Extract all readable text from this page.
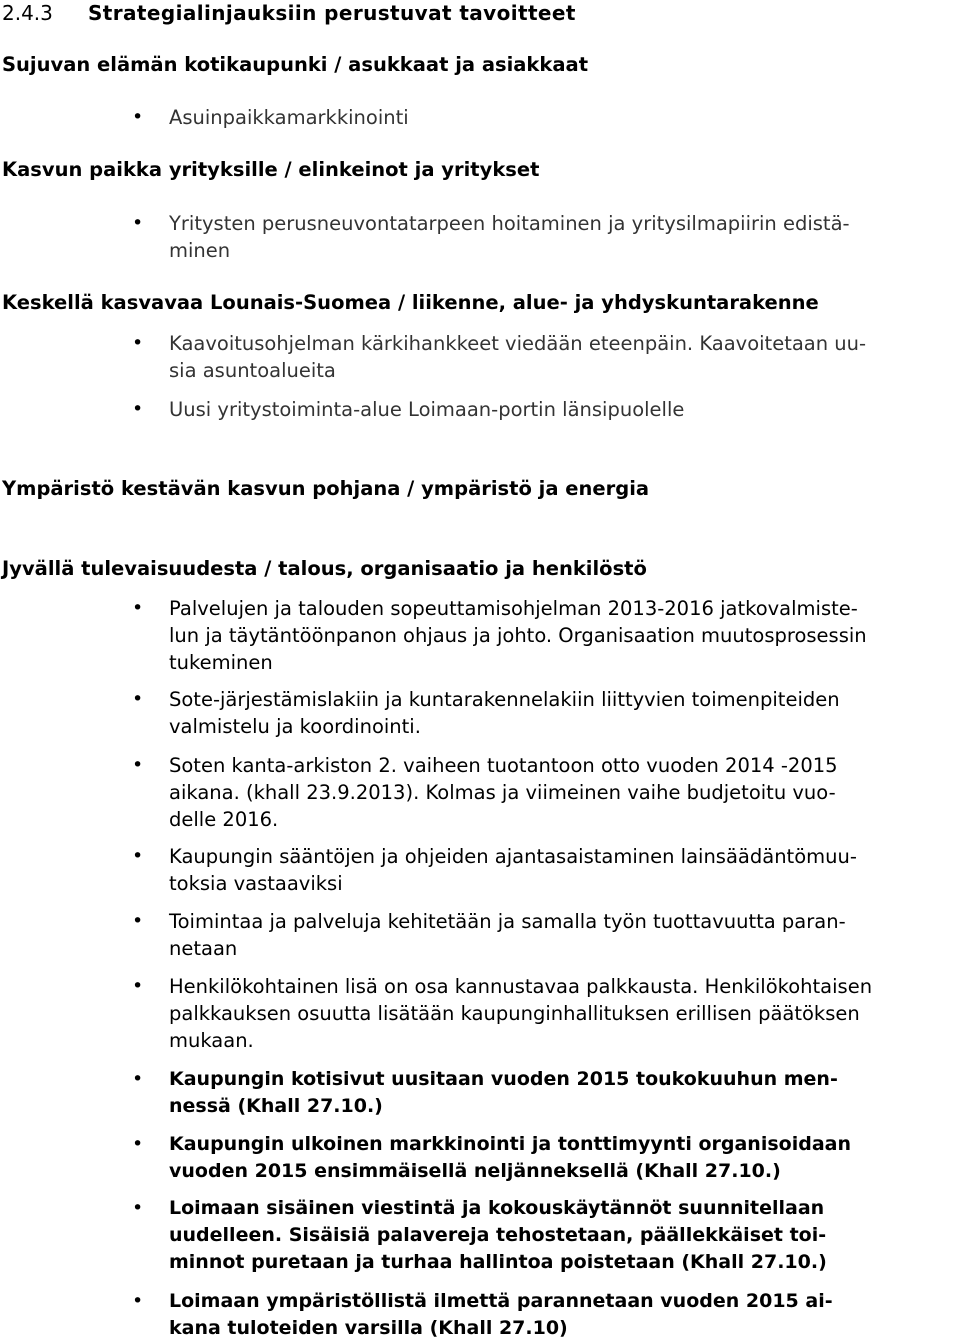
2.4.3 Strategialinjauksiin perustuvat tavoitteet
Sujuvan elämän kotikaupunki / asukkaat ja asiakkaat
• Asuinpaikkamarkkinointi
Kasvun paikka yrityksille / elinkeinot ja yritykset
• Yritysten perusneuvontatarpeen hoitaminen ja yritysilmapiirin edistä-
minen
Keskellä kasvavaa Lounais-Suomea / liikenne, alue- ja yhdyskuntarakenne
• Kaavoitusohjelman kärkihankkeet viedään eteenpäin. Kaavoitetaan uu-
sia asuntoalueita
• Uusi yritystoiminta-alue Loimaan-portin länsipuolelle
Ympäristö kestävän kasvun pohjana / ympäristö ja energia
Jyvällä tulevaisuudesta / talous, organisaatio ja henkilöstö
• Palvelujen ja talouden sopeuttamisohjelman 2013-2016 jatkovalmiste-
lun ja täytäntöönpanon ohjaus ja johto. Organisaation muutosprosessin
tukeminen
• Sote-järjestämislakiin ja kuntarakennelakiin liittyvien toimenpiteiden
valmistelu ja koordinointi.
• Soten kanta-arkiston 2. vaiheen tuotantoon otto vuoden 2014 -2015
aikana. (khall 23.9.2013). Kolmas ja viimeinen vaihe budjetoitu vuo-
delle 2016.
• Kaupungin sääntöjen ja ohjeiden ajantasaistaminen lainsäädäntömuu-
toksia vastaaviksi
• Toimintaa ja palveluja kehitetään ja samalla työn tuottavuutta paran-
netaan
• Henkilökohtainen lisä on osa kannustavaa palkkausta. Henkilökohtaisen
palkkauksen osuutta lisätään kaupunginhallituksen erillisen päätöksen
mukaan.
• Kaupungin kotisivut uusitaan vuoden 2015 toukokuuhun men-
nessä (Khall 27.10.)
• Kaupungin ulkoinen markkinointi ja tonttimyynti organisoidaan
vuoden 2015 ensimmäisellä neljänneksellä (Khall 27.10.)
• Loimaan sisäinen viestintä ja kokouskäytännöt suunnitellaan
uudelleen. Sisäisiä palavereja tehostetaan, päällekkäiset toi-
minnot puretaan ja turhaa hallintoa poistetaan (Khall 27.10.)
• Loimaan ympäristöllistä ilmettä parannetaan vuoden 2015 ai-
kana tuloteiden varsilla (Khall 27.10)
